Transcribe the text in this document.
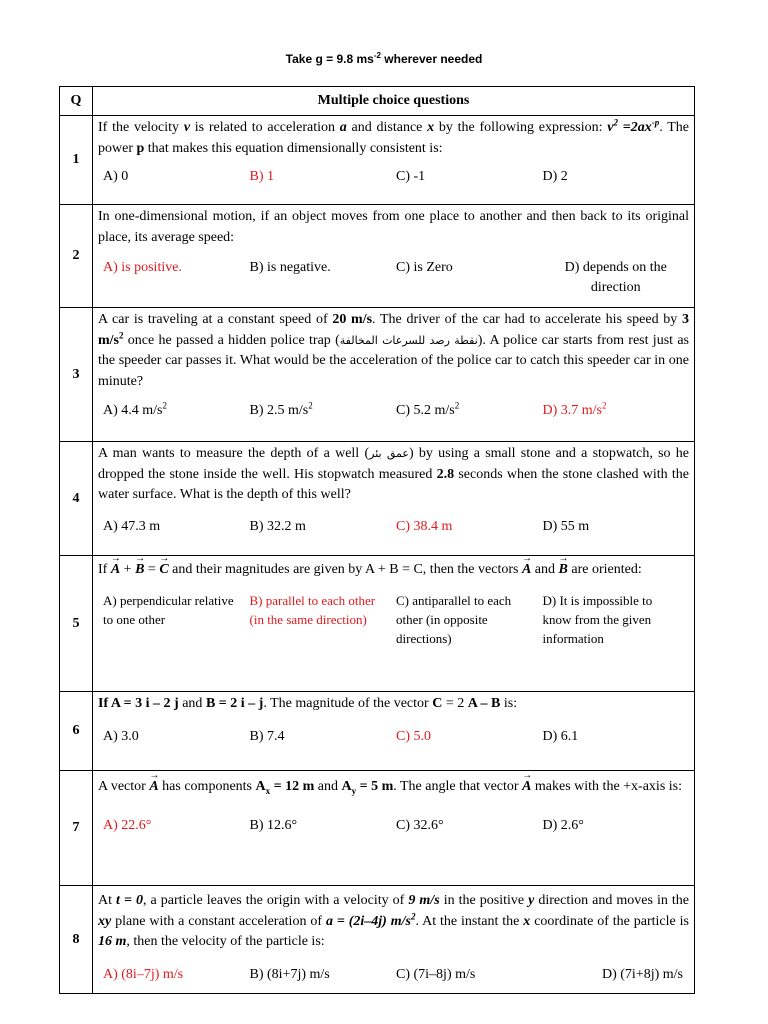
Take g = 9.8 $ms^{-2}$ wherever needed
Q	Multiple choice questions
1	If the velocity v is related to acceleration a and distance x by the following expression: $v^2 =2ax^{-p}$. The power p that makes this equation dimensionally consistent is:
A) 0 B) 1 C) -1 D) 2

2	In one-dimensional motion, if an object moves from one place to another and then back to its original place, its average speed:
A) is positive. B) is negative. C) is Zero D) depends on the direction

3	A car is traveling at a constant speed of 20 m/s. The driver of the car had to accelerate his speed by 3 $m/s^2$ once he passed a hidden police trap (نقطة رصد للسرعات المخالفة). A police car starts from rest just as the speeder car passes it. What would be the acceleration of the police car to catch this speeder car in one minute?
A) 4.4 $m/s^2$ B) 2.5 $m/s^2$ C) 5.2 $m/s^2$ D) 3.7 $m/s^2$

4	A man wants to measure the depth of a well (عمق بئر) by using a small stone and a stopwatch, so he dropped the stone inside the well. His stopwatch measured 2.8 seconds when the stone clashed with the water surface. What is the depth of this well?
A) 47.3 m B) 32.2 m C) 38.4 m D) 55 m

5	If → A + → B = → C and their magnitudes are given by A + B = C, then the vectors → A and → B are oriented:
A) perpendicular relative to one other
B) parallel to each other (in the same direction)
C) antiparallel to each other (in opposite directions)
D) It is impossible to know from the given information

6	If A = 3 i – 2 j and B = 2 i – j. The magnitude of the vector C = 2 A – B is:
A) 3.0 B) 7.4 C) 5.0 D) 6.1

7	A vector → A has components $A_x = 12$ m and $A_y = 5$ m. The angle that vector → A makes with the +x-axis is:
A) 22.6° B) 12.6° C) 32.6° D) 2.6°

8	At t = 0, a particle leaves the origin with a velocity of 9 m/s in the positive y direction and moves in the xy plane with a constant acceleration of a = (2i–4j) $m/s^2$. At the instant the x coordinate of the particle is 16 m, then the velocity of the particle is:
A) (8i–7j) m/s B) (8i+7j) m/s C) (7i–8j) m/s D) (7i+8j) m/s
